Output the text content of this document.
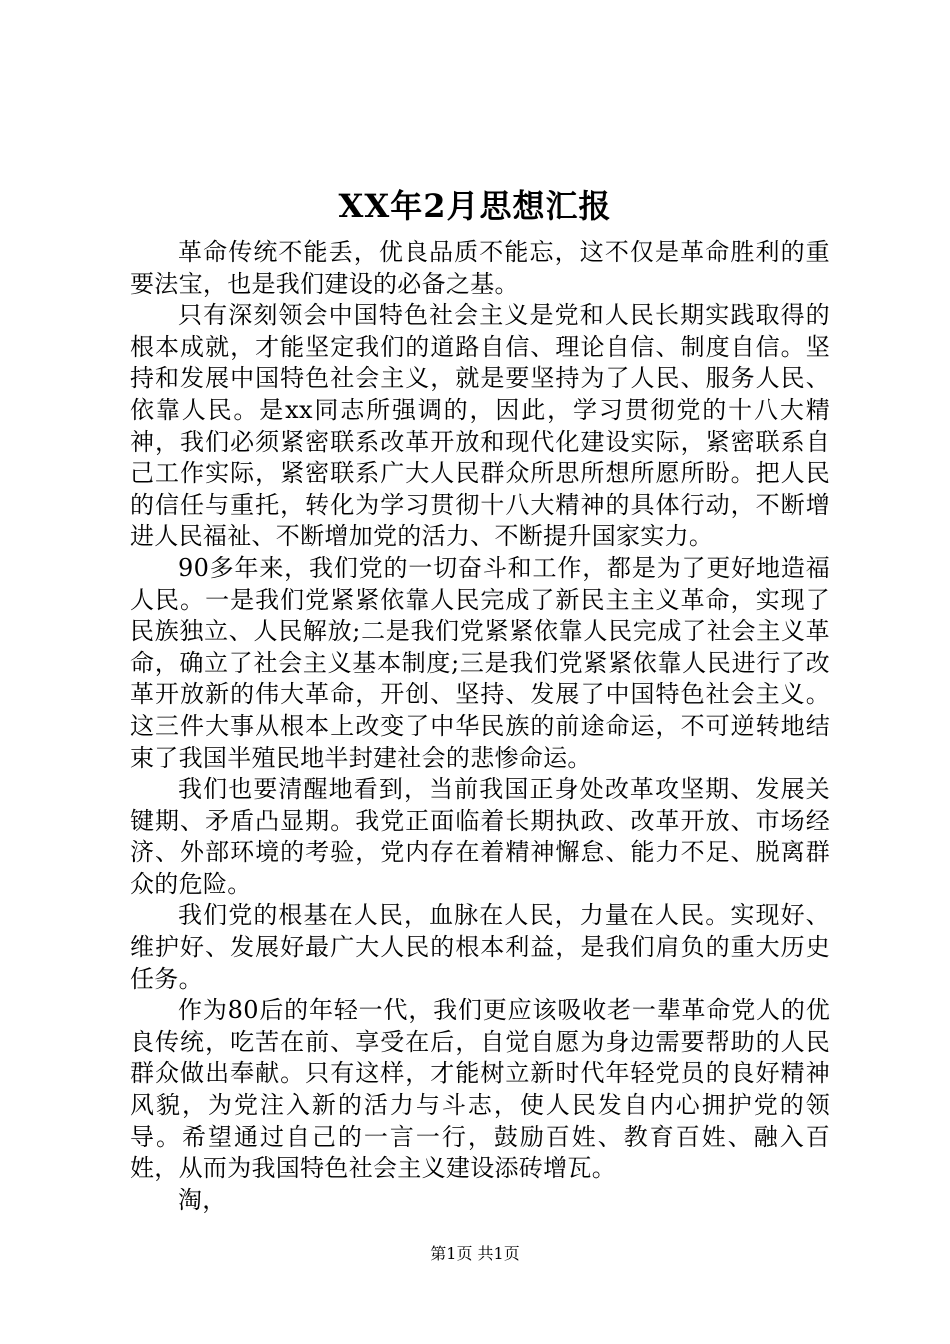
XX年2月思想汇报

革命传统不能丢，优良品质不能忘，这不仅是革命胜利的重要法宝，也是我们建设的必备之基。

只有深刻领会中国特色社会主义是党和人民长期实践取得的根本成就，才能坚定我们的道路自信、理论自信、制度自信。坚持和发展中国特色社会主义，就是要坚持为了人民、服务人民、依靠人民。是xx同志所强调的，因此，学习贯彻党的十八大精神，我们必须紧密联系改革开放和现代化建设实际，紧密联系自己工作实际，紧密联系广大人民群众所思所想所愿所盼。把人民的信任与重托，转化为学习贯彻十八大精神的具体行动，不断增进人民福祉、不断增加党的活力、不断提升国家实力。

90多年来，我们党的一切奋斗和工作，都是为了更好地造福人民。一是我们党紧紧依靠人民完成了新民主主义革命，实现了民族独立、人民解放;二是我们党紧紧依靠人民完成了社会主义革命，确立了社会主义基本制度;三是我们党紧紧依靠人民进行了改革开放新的伟大革命，开创、坚持、发展了中国特色社会主义。这三件大事从根本上改变了中华民族的前途命运，不可逆转地结束了我国半殖民地半封建社会的悲惨命运。

我们也要清醒地看到，当前我国正身处改革攻坚期、发展关键期、矛盾凸显期。我党正面临着长期执政、改革开放、市场经济、外部环境的考验，党内存在着精神懈怠、能力不足、脱离群众的危险。

我们党的根基在人民，血脉在人民，力量在人民。实现好、维护好、发展好最广大人民的根本利益，是我们肩负的重大历史任务。

作为80后的年轻一代，我们更应该吸收老一辈革命党人的优良传统，吃苦在前、享受在后，自觉自愿为身边需要帮助的人民群众做出奉献。只有这样，才能树立新时代年轻党员的良好精神风貌，为党注入新的活力与斗志，使人民发自内心拥护党的领导。希望通过自己的一言一行，鼓励百姓、教育百姓、融入百姓，从而为我国特色社会主义建设添砖增瓦。

淘，

第1页 共1页
